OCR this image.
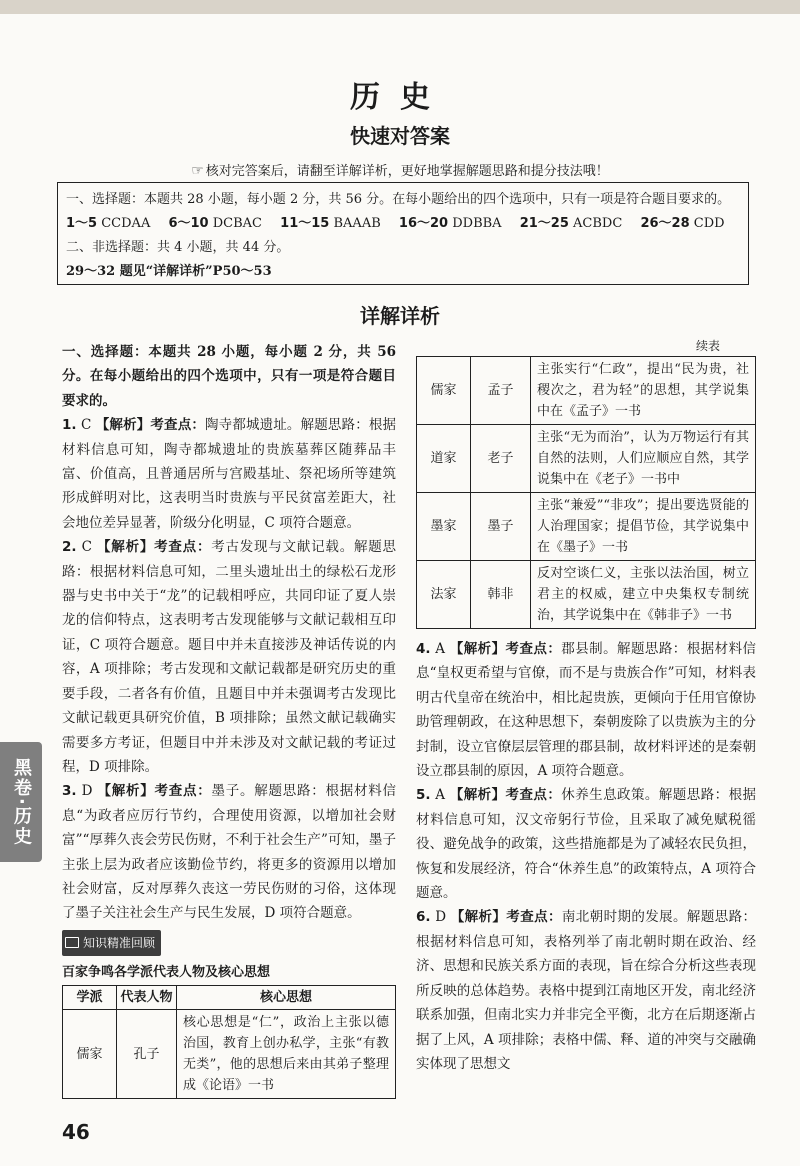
历史
快速对答案
☞ 核对完答案后，请翻至详解详析，更好地掌握解题思路和提分技法哦！
一、选择题：本题共 28 小题，每小题 2 分，共 56 分。在每小题给出的四个选项中，只有一项是符合题目要求的。
1～5 CCDAA 6～10 DCBAC 11～15 BAAAB 16～20 DDBBA 21～25 ACBDC 26～28 CDD
二、非选择题：共 4 小题，共 44 分。
29～32 题见“详解详析”P50～53
详解详析
一、选择题：本题共 28 小题，每小题 2 分，共 56 分。在每小题给出的四个选项中，只有一项是符合题目要求的。
1. C 【解析】考查点：陶寺都城遗址。解题思路：根据材料信息可知，陶寺都城遗址的贵族墓葬区随葬品丰富、价值高，且普通居所与宫殿基址、祭祀场所等建筑形成鲜明对比，这表明当时贵族与平民贫富差距大，社会地位差异显著，阶级分化明显，C 项符合题意。
2. C 【解析】考查点：考古发现与文献记载。解题思路：根据材料信息可知，二里头遗址出土的绿松石龙形器与史书中关于“龙”的记载相呼应，共同印证了夏人崇龙的信仰特点，这表明考古发现能够与文献记载相互印证，C 项符合题意。题目中并未直接涉及神话传说的内容，A 项排除；考古发现和文献记载都是研究历史的重要手段，二者各有价值，且题目中并未强调考古发现比文献记载更具研究价值，B 项排除；虽然文献记载确实需要多方考证，但题目中并未涉及对文献记载的考证过程，D 项排除。
3. D 【解析】考查点：墨子。解题思路：根据材料信息“为政者应厉行节约，合理使用资源，以增加社会财富”“厚葬久丧会劳民伤财，不利于社会生产”可知，墨子主张上层为政者应该勤俭节约，将更多的资源用以增加社会财富，反对厚葬久丧这一劳民伤财的习俗，这体现了墨子关注社会生产与民生发展，D 项符合题意。
知识精准回顾
百家争鸣各学派代表人物及核心思想
学派	代表人物	核心思想
儒家	孔子	核心思想是“仁”，政治上主张以德治国，教育上创办私学，主张“有教无类”，他的思想后来由其弟子整理成《论语》一书
续表
儒家	孟子	主张实行“仁政”，提出“民为贵，社稷次之，君为轻”的思想，其学说集中在《孟子》一书
道家	老子	主张“无为而治”，认为万物运行有其自然的法则，人们应顺应自然，其学说集中在《老子》一书中
墨家	墨子	主张“兼爱”“非攻”；提出要选贤能的人治理国家；提倡节俭，其学说集中在《墨子》一书
法家	韩非	反对空谈仁义，主张以法治国，树立君主的权威，建立中央集权专制统治，其学说集中在《韩非子》一书
4. A 【解析】考查点：郡县制。解题思路：根据材料信息“皇权更希望与官僚，而不是与贵族合作”可知，材料表明古代皇帝在统治中，相比起贵族，更倾向于任用官僚协助管理朝政，在这种思想下，秦朝废除了以贵族为主的分封制，设立官僚层层管理的郡县制，故材料评述的是秦朝设立郡县制的原因，A 项符合题意。
5. A 【解析】考查点：休养生息政策。解题思路：根据材料信息可知，汉文帝躬行节俭，且采取了减免赋税徭役、避免战争的政策，这些措施都是为了减轻农民负担，恢复和发展经济，符合“休养生息”的政策特点，A 项符合题意。
6. D 【解析】考查点：南北朝时期的发展。解题思路：根据材料信息可知，表格列举了南北朝时期在政治、经济、思想和民族关系方面的表现，旨在综合分析这些表现所反映的总体趋势。表格中提到江南地区开发，南北经济联系加强，但南北实力并非完全平衡，北方在后期逐渐占据了上风，A 项排除；表格中儒、释、道的冲突与交融确实体现了思想文
黑卷·历史
46
